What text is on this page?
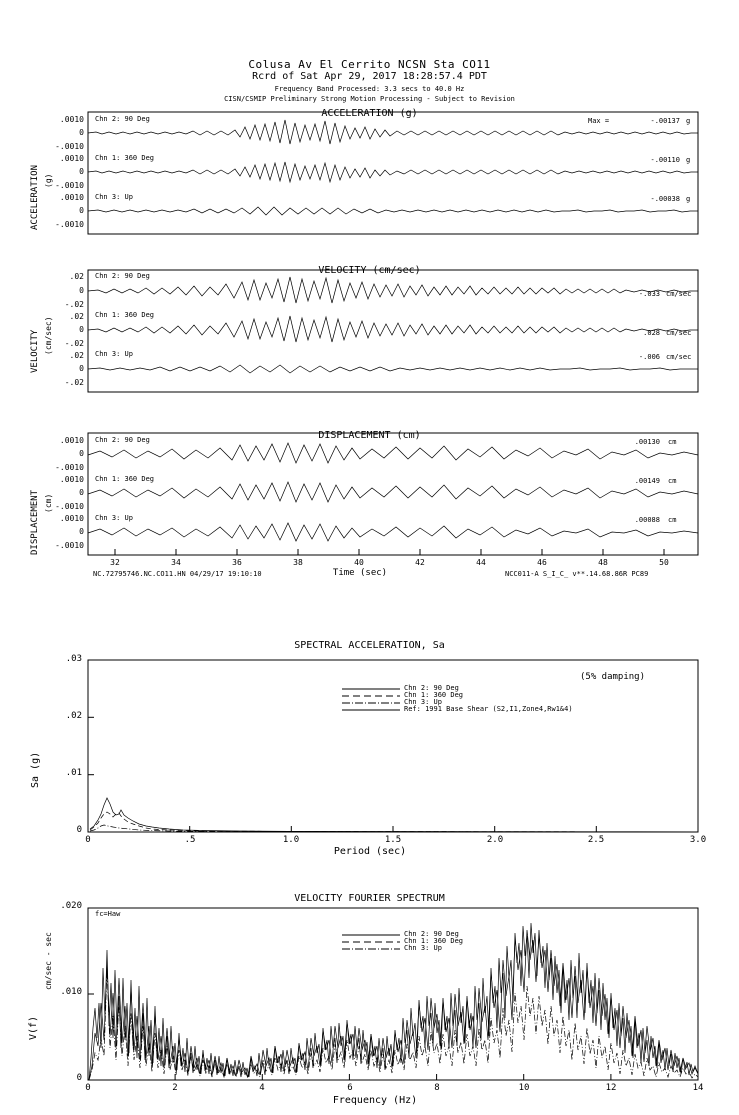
Colusa Av El Cerrito NCSN Sta CO11
Rcrd of Sat Apr 29, 2017 18:28:57.4 PDT
Frequency Band Processed: 3.3 secs to 40.0 Hz
CISN/CSMIP Preliminary Strong Motion Processing - Subject to Revision
ACCELERATION (g)
ACCELERATION (g)
.0010
0
-.0010
.0010
0
-.0010
.0010
0
-.0010
Chn 2: 90 Deg
Chn 1: 360 Deg
Chn 3: Up
Max =	-.00137 g
-.00110 g
-.00038 g
VELOCITY (cm/sec)
VELOCITY (cm/sec)
.02
0
-.02
.02
0
-.02
.02
0
-.02
Chn 2: 90 Deg
Chn 1: 360 Deg
Chn 3: Up
-.033 cm/sec
.028 cm/sec
-.006 cm/sec
DISPLACEMENT (cm)
DISPLACEMENT (cm)
.0010
0
-.0010
.0010
0
-.0010
.0010
0
-.0010
Chn 2: 90 Deg
Chn 1: 360 Deg
Chn 3: Up
.00130 cm
.00149 cm
.00088 cm
32	34	36	38	40	42	44	46	48	50
NC.72795746.NC.CO11.HN 04/29/17 19:10:10	Time (sec)	NCC011-A S_I_C_ v**.14.68.86R PC89
SPECTRAL ACCELERATION, Sa
Sa (g)
0
.01
.02
.03
0	.5	1.0	1.5	2.0	2.5	3.0
Period (sec)
(5% damping)
Chn 2: 90 Deg
Chn 1: 360 Deg
Chn 3: Up
Ref: 1991 Base Shear (S2,I1,Zone4,Rw1&4)
VELOCITY FOURIER SPECTRUM
V(f)
cm/sec - sec
fc=Haw
0
.010
.020
0	2	4	6	8	10	12	14
Frequency (Hz)
Chn 2: 90 Deg
Chn 1: 360 Deg
Chn 3: Up
